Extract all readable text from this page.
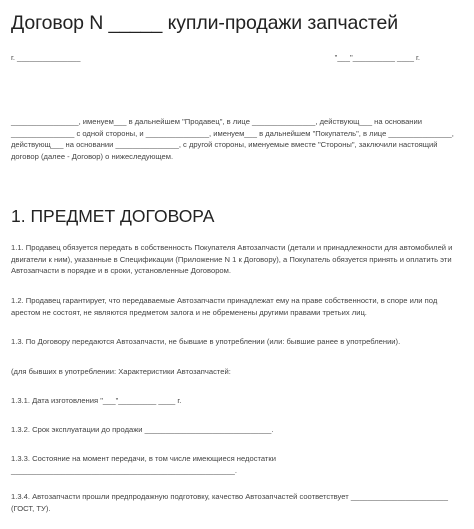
Договор N _____ купли-продажи запчастей
г. _______________	"___"__________ ____ г.

________________, именуем___ в дальнейшем "Продавец", в лице _______________, действующ___ на основании _______________ с одной стороны, и _______________, именуем___ в дальнейшем "Покупатель", в лице _______________, действующ___ на основании _______________, с другой стороны, именуемые вместе "Стороны", заключили настоящий договор (далее - Договор) о нижеследующем.

1. ПРЕДМЕТ ДОГОВОРА

1.1. Продавец обязуется передать в собственность Покупателя Автозапчасти (детали и принадлежности для автомобилей и двигатели к ним), указанные в Спецификации (Приложение N 1 к Договору), а Покупатель обязуется принять и оплатить эти Автозапчасти в порядке и в сроки, установленные Договором.

1.2. Продавец гарантирует, что передаваемые Автозапчасти принадлежат ему на праве собственности, в споре или под арестом не состоят, не являются предметом залога и не обременены другими правами третьих лиц.

1.3. По Договору передаются Автозапчасти, не бывшие в употреблении (или: бывшие ранее в употреблении).

(для бывших в употреблении: Характеристики Автозапчастей:

1.3.1. Дата изготовления "___"_________ ____ г.

1.3.2. Срок эксплуатации до продажи ______________________________.

1.3.3. Состояние на момент передачи, в том числе имеющиеся недостатки _____________________________________________________.

1.3.4. Автозапчасти прошли предпродажную подготовку, качество Автозапчастей соответствует _______________________ (ГОСТ, ТУ).
